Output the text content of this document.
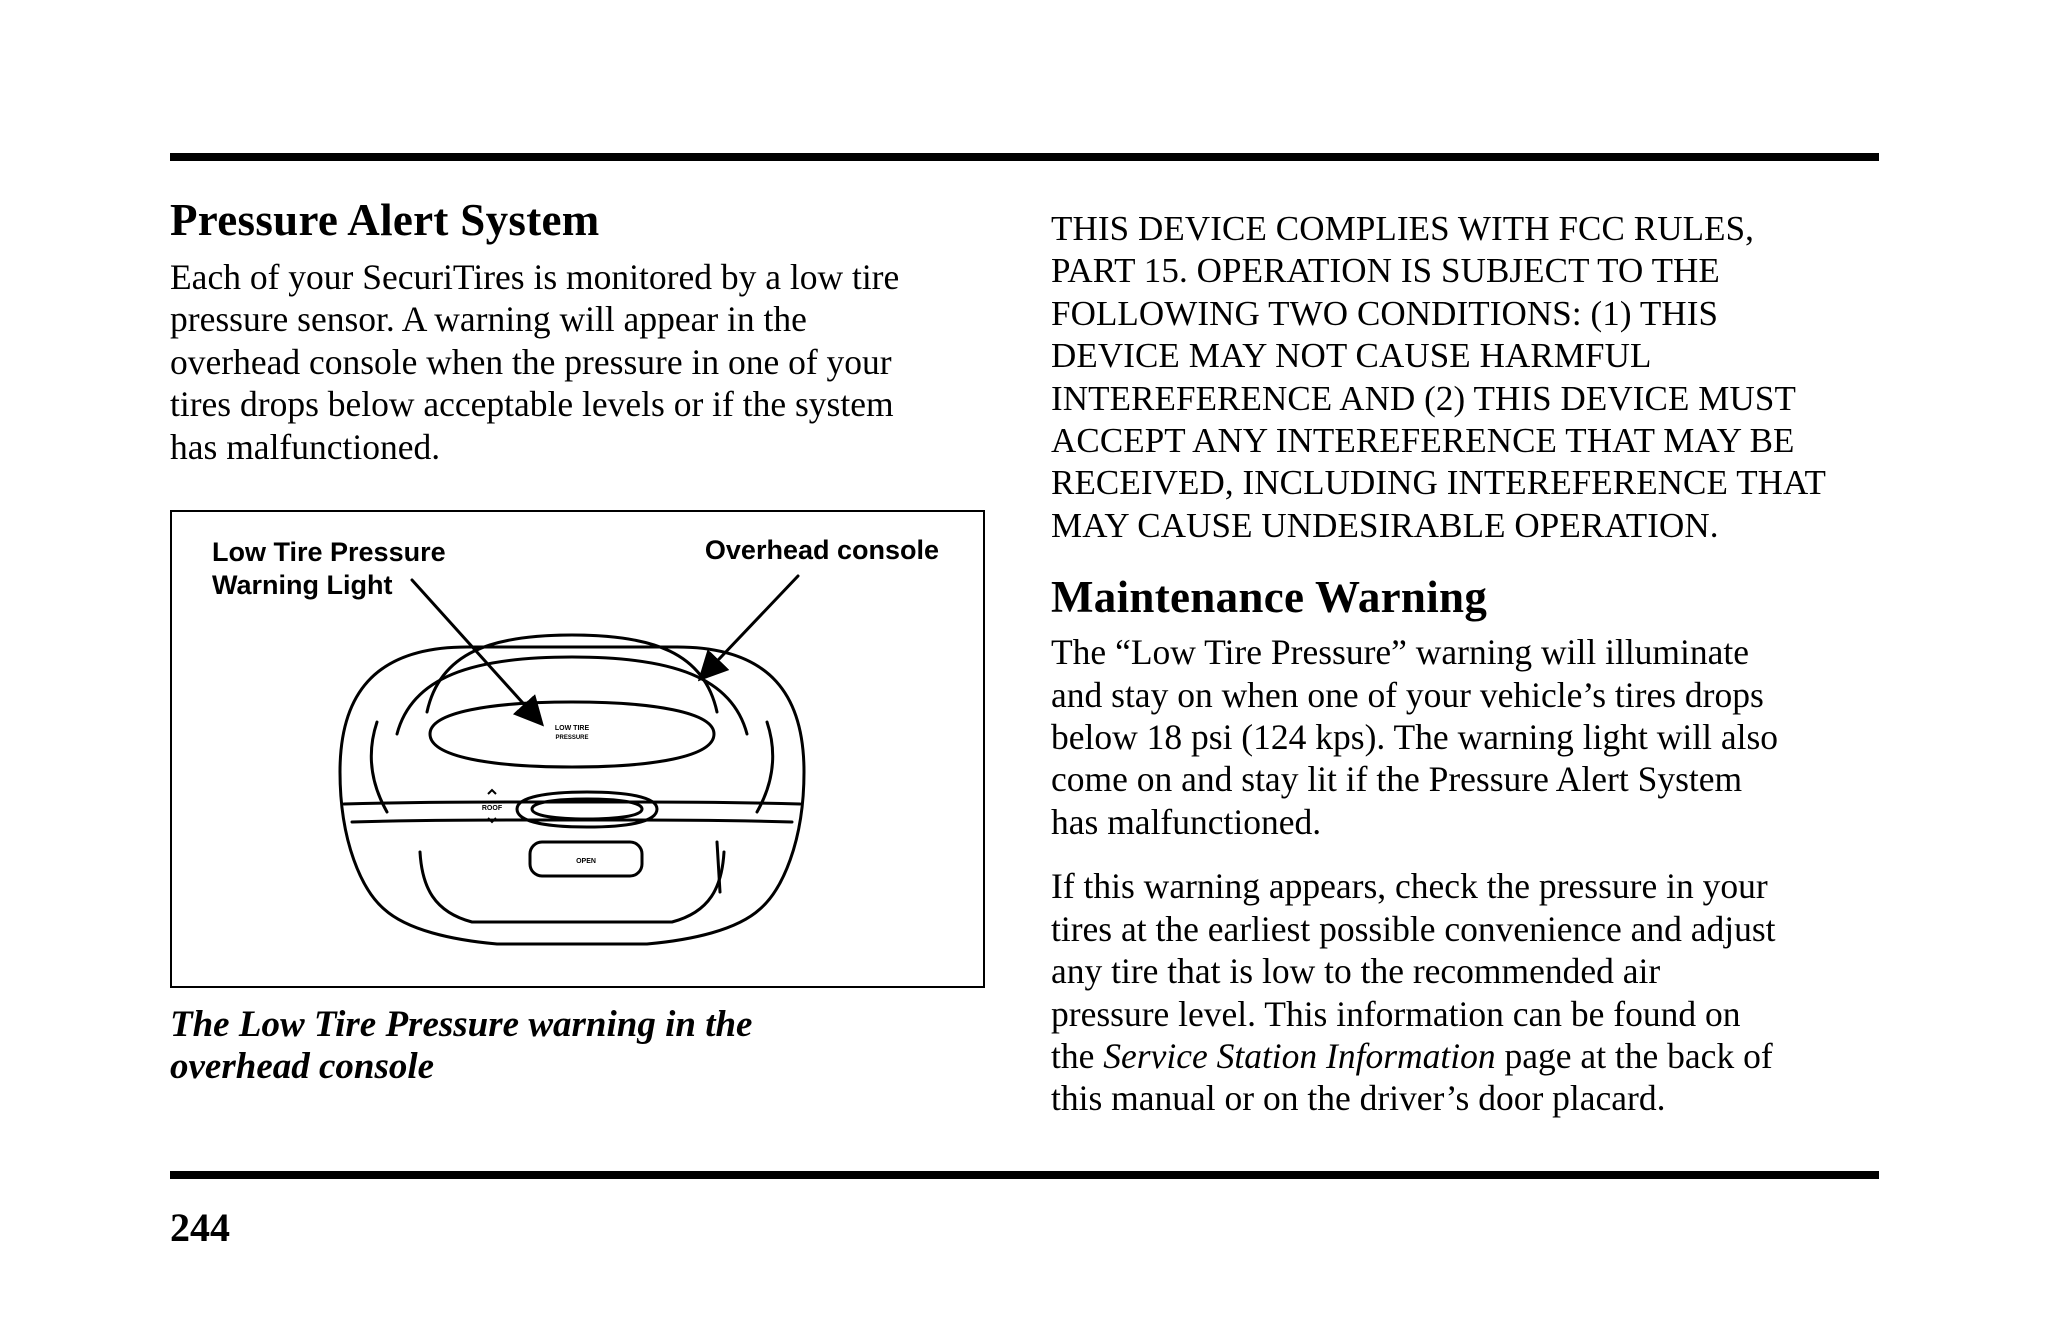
Pressure Alert System

Each of your SecuriTires is monitored by a low tire
pressure sensor. A warning will appear in the
overhead console when the pressure in one of your
tires drops below acceptable levels or if the system
has malfunctioned.

Low Tire Pressure
Warning Light
Overhead console
LOW TIRE
PRESSURE
ROOF
OPEN
The Low Tire Pressure warning in the
overhead console

THIS DEVICE COMPLIES WITH FCC RULES,
PART 15. OPERATION IS SUBJECT TO THE
FOLLOWING TWO CONDITIONS: (1) THIS
DEVICE MAY NOT CAUSE HARMFUL
INTEREFERENCE AND (2) THIS DEVICE MUST
ACCEPT ANY INTEREFERENCE THAT MAY BE
RECEIVED, INCLUDING INTEREFERENCE THAT
MAY CAUSE UNDESIRABLE OPERATION.

Maintenance Warning

The “Low Tire Pressure” warning will illuminate
and stay on when one of your vehicle’s tires drops
below 18 psi (124 kps). The warning light will also
come on and stay lit if the Pressure Alert System
has malfunctioned.

If this warning appears, check the pressure in your
tires at the earliest possible convenience and adjust
any tire that is low to the recommended air
pressure level. This information can be found on
the Service Station Information page at the back of
this manual or on the driver’s door placard.

244
